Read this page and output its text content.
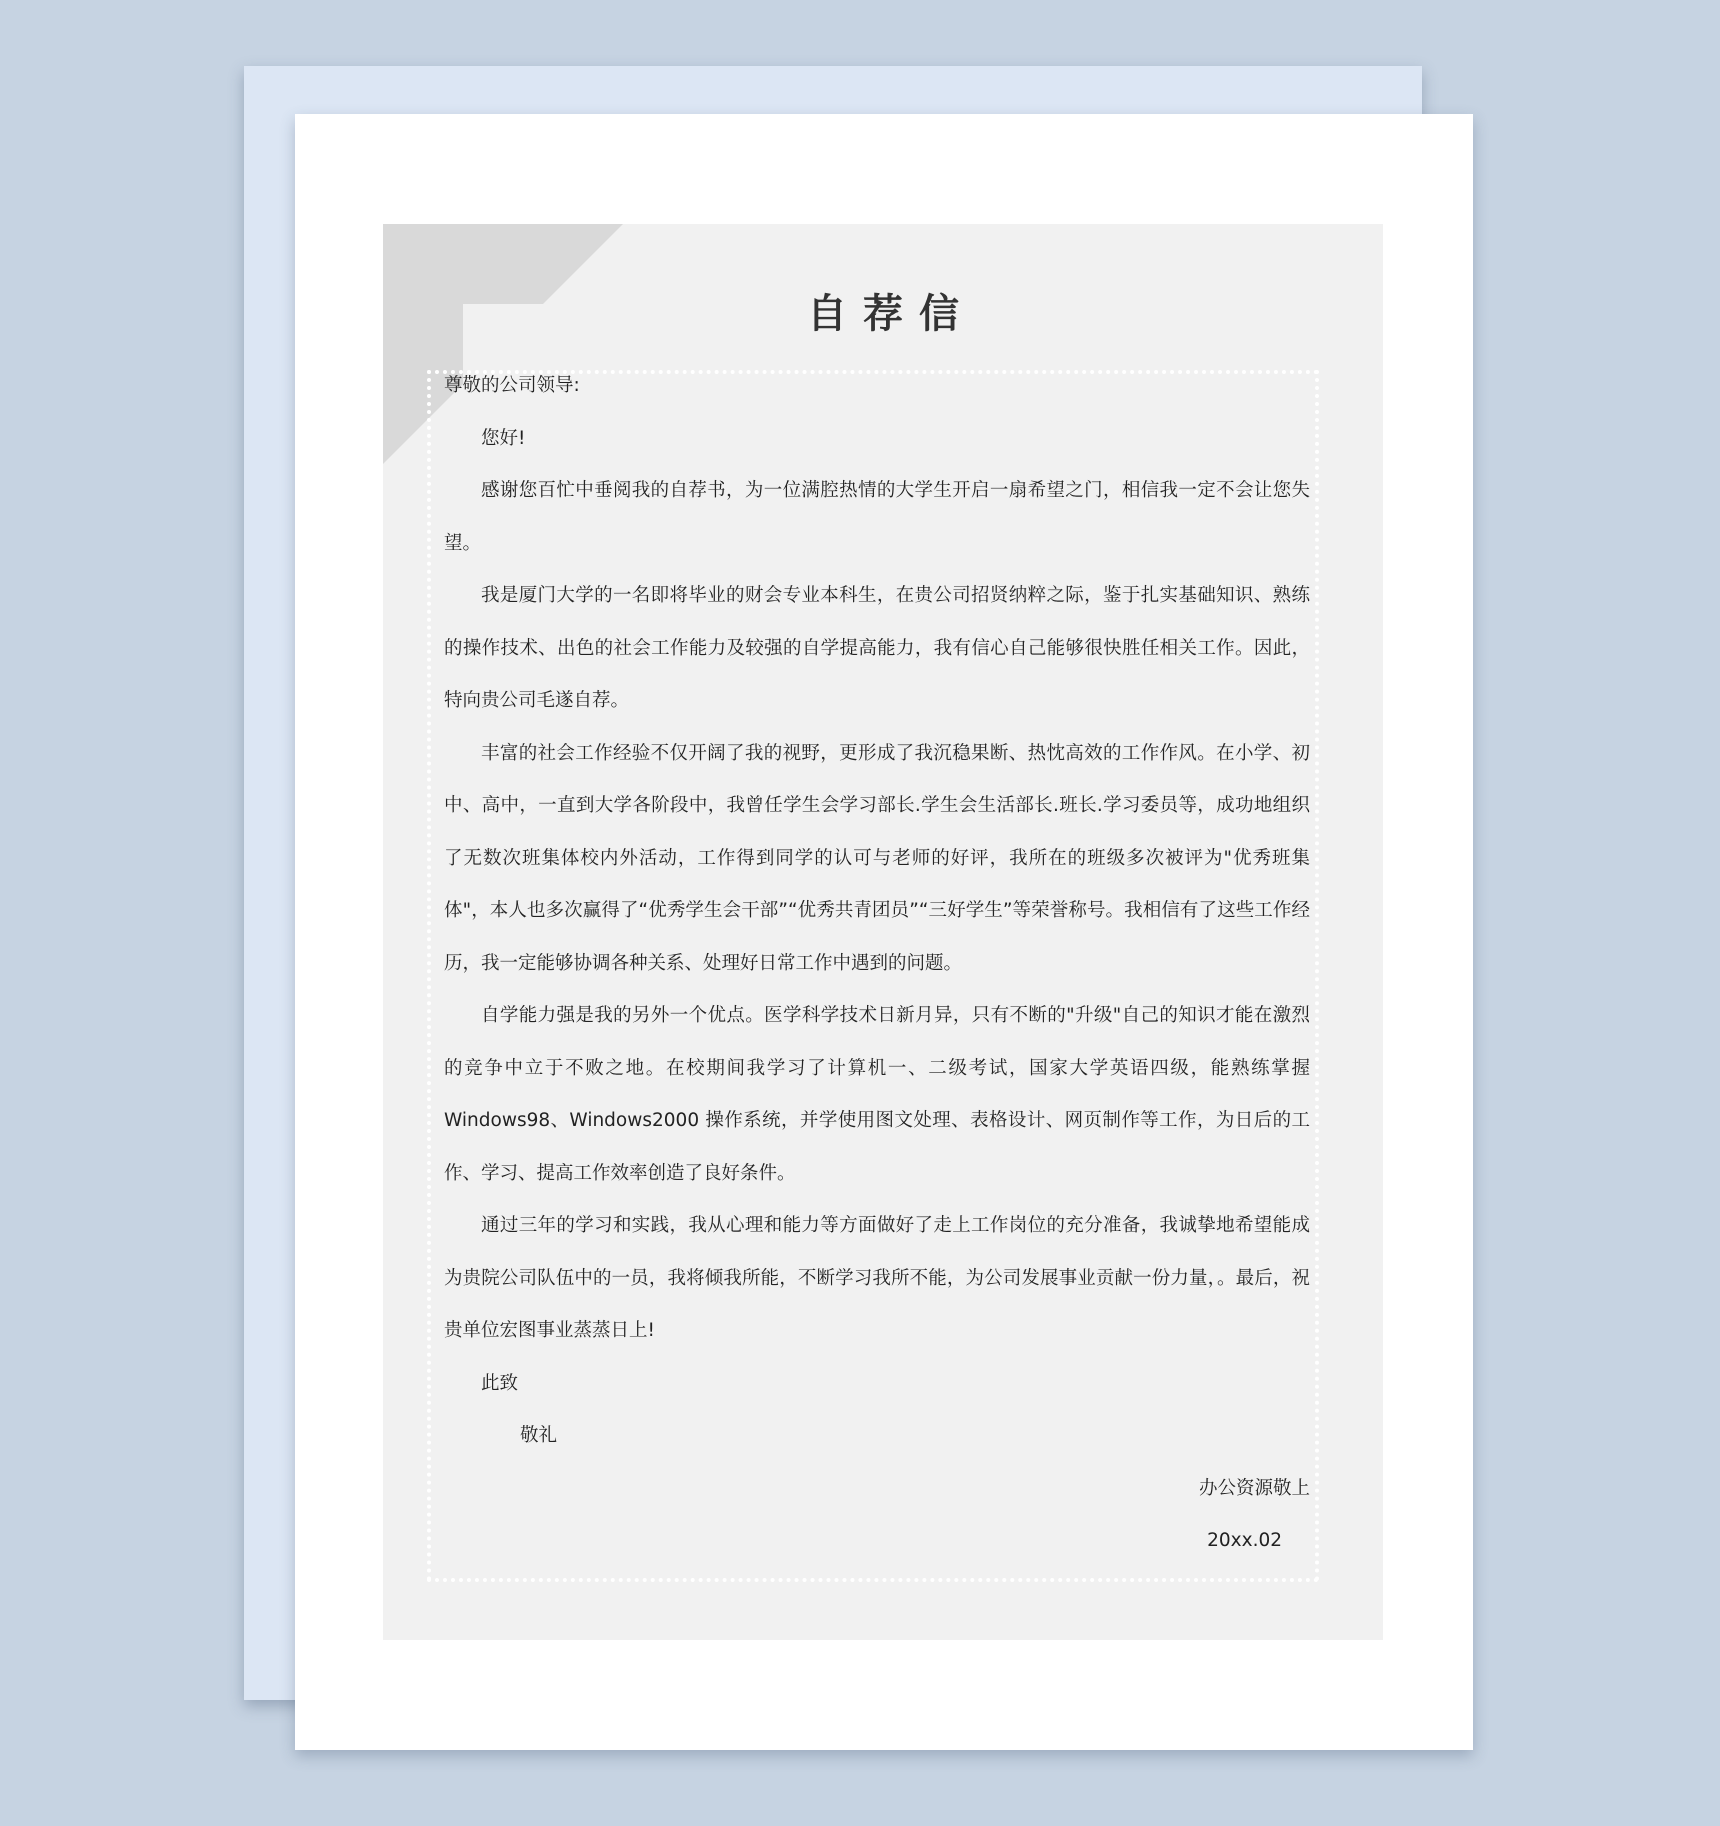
自荐信

尊敬的公司领导:

您好!

感谢您百忙中垂阅我的自荐书，为一位满腔热情的大学生开启一扇希望之门，相信我一定不会让您失望。

我是厦门大学的一名即将毕业的财会专业本科生，在贵公司招贤纳粹之际，鉴于扎实基础知识、熟练的操作技术、出色的社会工作能力及较强的自学提高能力，我有信心自己能够很快胜任相关工作。因此，特向贵公司毛遂自荐。

丰富的社会工作经验不仅开阔了我的视野，更形成了我沉稳果断、热忱高效的工作作风。在小学、初中、高中，一直到大学各阶段中，我曾任学生会学习部长.学生会生活部长.班长.学习委员等，成功地组织了无数次班集体校内外活动，工作得到同学的认可与老师的好评，我所在的班级多次被评为"优秀班集体"，本人也多次赢得了“优秀学生会干部”“优秀共青团员”“三好学生”等荣誉称号。我相信有了这些工作经历，我一定能够协调各种关系、处理好日常工作中遇到的问题。

自学能力强是我的另外一个优点。医学科学技术日新月异，只有不断的"升级"自己的知识才能在激烈的竞争中立于不败之地。在校期间我学习了计算机一、二级考试，国家大学英语四级，能熟练掌握 Windows98、Windows2000 操作系统，并学使用图文处理、表格设计、网页制作等工作，为日后的工作、学习、提高工作效率创造了良好条件。

通过三年的学习和实践，我从心理和能力等方面做好了走上工作岗位的充分准备，我诚挚地希望能成为贵院公司队伍中的一员，我将倾我所能，不断学习我所不能，为公司发展事业贡献一份力量，。最后，祝贵单位宏图事业蒸蒸日上!

此致

敬礼

办公资源敬上

20xx.02
